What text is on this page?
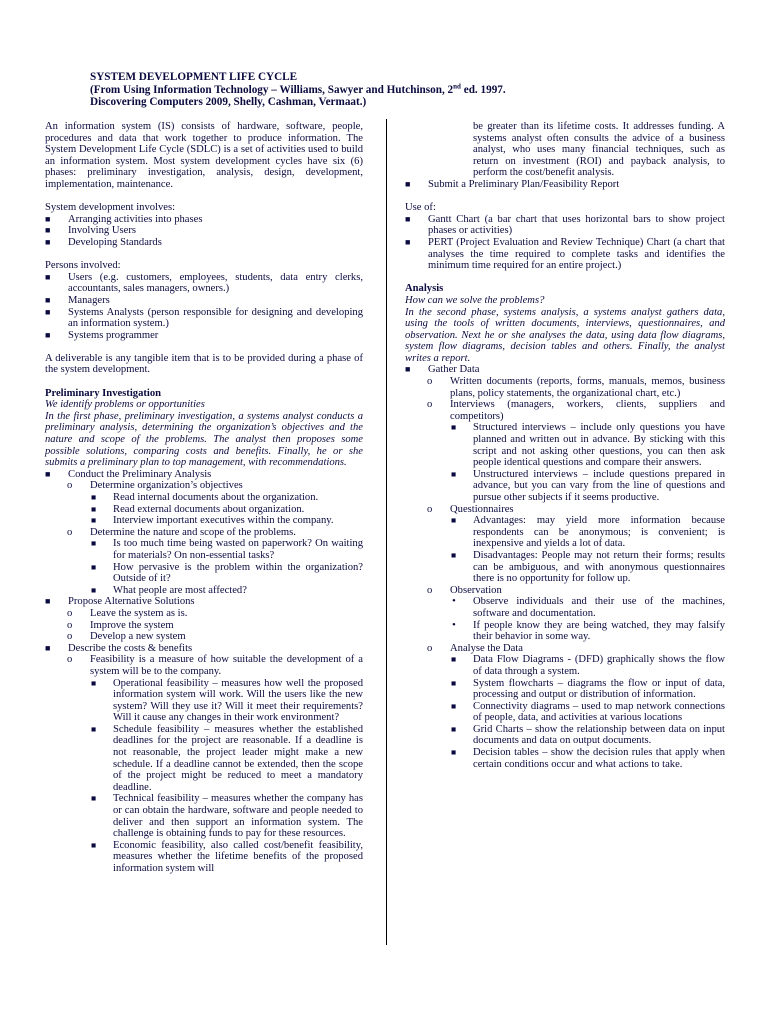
SYSTEM DEVELOPMENT LIFE CYCLE
(From Using Information Technology – Williams, Sawyer and Hutchinson, 2nd ed. 1997.
Discovering Computers 2009, Shelly, Cashman, Vermaat.)

An information system (IS) consists of hardware, software, people, procedures and data that work together to produce information. The System Development Life Cycle (SDLC) is a set of activities used to build an information system. Most system development cycles have six (6) phases: preliminary investigation, analysis, design, development, implementation, maintenance.

System development involves:

■ Arranging activities into phases
■ Involving Users
■ Developing Standards

Persons involved:

■ Users (e.g. customers, employees, students, data entry clerks, accountants, sales managers, owners.)
■ Managers
■ Systems Analysts (person responsible for designing and developing an information system.)
■ Systems programmer

A deliverable is any tangible item that is to be provided during a phase of the system development.

Preliminary Investigation

We identify problems or opportunities

In the first phase, preliminary investigation, a systems analyst conducts a preliminary analysis, determining the organization’s objectives and the nature and scope of the problems. The analyst then proposes some possible solutions, comparing costs and benefits. Finally, he or she submits a preliminary plan to top management, with recommendations.

■ Conduct the Preliminary Analysis
o Determine organization’s objectives
■ Read internal documents about the organization.
■ Read external documents about organization.
■ Interview important executives within the company.
o Determine the nature and scope of the problems.
■ Is too much time being wasted on paperwork? On waiting for materials? On non-essential tasks?
■ How pervasive is the problem within the organization? Outside of it?
■ What people are most affected?
■ Propose Alternative Solutions
o Leave the system as is.
o Improve the system
o Develop a new system
■ Describe the costs & benefits
o Feasibility is a measure of how suitable the development of a system will be to the company.
■ Operational feasibility – measures how well the proposed information system will work. Will the users like the new system? Will they use it? Will it meet their requirements? Will it cause any changes in their work environment?
■ Schedule feasibility – measures whether the established deadlines for the project are reasonable. If a deadline is not reasonable, the project leader might make a new schedule. If a deadline cannot be extended, then the scope of the project might be reduced to meet a mandatory deadline.
■ Technical feasibility – measures whether the company has or can obtain the hardware, software and people needed to deliver and then support an information system. The challenge is obtaining funds to pay for these resources.
■ Economic feasibility, also called cost/benefit feasibility, measures whether the lifetime benefits of the proposed information system will

be greater than its lifetime costs. It addresses funding. A systems analyst often consults the advice of a business analyst, who uses many financial techniques, such as return on investment (ROI) and payback analysis, to perform the cost/benefit analysis.

■ Submit a Preliminary Plan/Feasibility Report

Use of:

■ Gantt Chart (a bar chart that uses horizontal bars to show project phases or activities)
■ PERT (Project Evaluation and Review Technique) Chart (a chart that analyses the time required to complete tasks and identifies the minimum time required for an entire project.)

Analysis

How can we solve the problems?

In the second phase, systems analysis, a systems analyst gathers data, using the tools of written documents, interviews, questionnaires, and observation. Next he or she analyses the data, using data flow diagrams, system flow diagrams, decision tables and others. Finally, the analyst writes a report.

■ Gather Data
o Written documents (reports, forms, manuals, memos, business plans, policy statements, the organizational chart, etc.)
o Interviews (managers, workers, clients, suppliers and competitors)
■ Structured interviews – include only questions you have planned and written out in advance. By sticking with this script and not asking other questions, you can then ask people identical questions and compare their answers.
■ Unstructured interviews – include questions prepared in advance, but you can vary from the line of questions and pursue other subjects if it seems productive.
o Questionnaires
■ Advantages: may yield more information because respondents can be anonymous; is convenient; is inexpensive and yields a lot of data.
■ Disadvantages: People may not return their forms; results can be ambiguous, and with anonymous questionnaires there is no opportunity for follow up.
o Observation
• Observe individuals and their use of the machines, software and documentation.
• If people know they are being watched, they may falsify their behavior in some way.
o Analyse the Data
■ Data Flow Diagrams - (DFD) graphically shows the flow of data through a system.
■ System flowcharts – diagrams the flow or input of data, processing and output or distribution of information.
■ Connectivity diagrams – used to map network connections of people, data, and activities at various locations
■ Grid Charts – show the relationship between data on input documents and data on output documents.
■ Decision tables – show the decision rules that apply when certain conditions occur and what actions to take.
